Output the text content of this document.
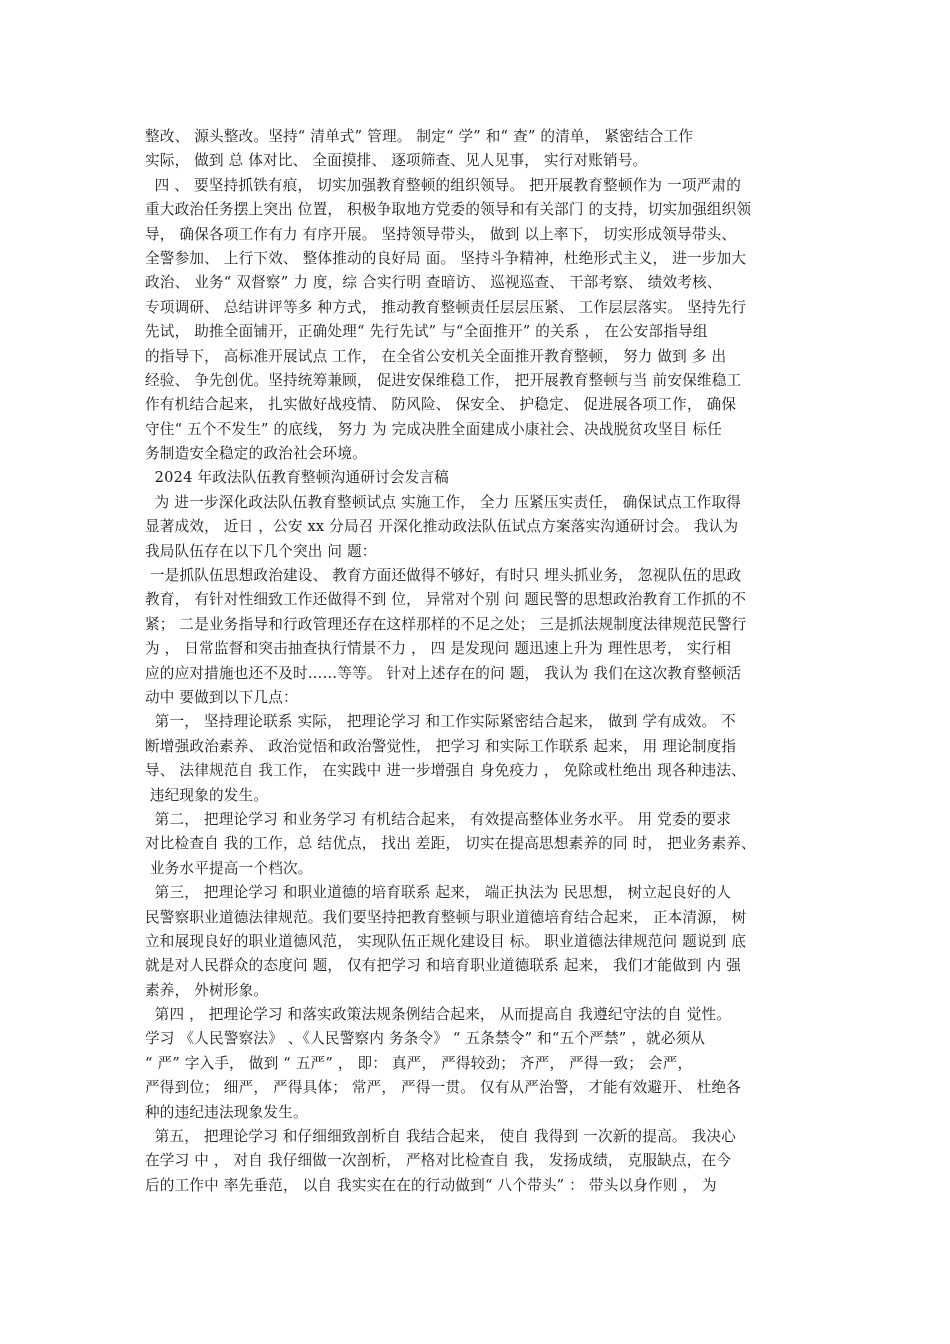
整改、 源头整改。坚持“ 清单式” 管理。 制定“ 学” 和“ 查” 的清单， 紧密结合工作
实际， 做到 总 体对比、 全面摸排、 逐项筛查、见人见事， 实行对账销号。
四 、 要坚持抓铁有痕， 切实加强教育整顿的组织领导。 把开展教育整顿作为 一项严肃的
重大政治任务摆上突出 位置， 积极争取地方党委的领导和有关部门 的支持，切实加强组织领
导， 确保各项工作有力 有序开展。 坚持领导带头， 做到 以上率下， 切实形成领导带头、
全警参加、 上行下效、 整体推动的良好局 面。 坚持斗争精神，杜绝形式主义， 进一步加大
政治、 业务“ 双督察” 力 度，综 合实行明 查暗访、 巡视巡查、 干部考察、 绩效考核、
专项调研、 总结讲评等多 种方式， 推动教育整顿责任层层压紧、 工作层层落实。 坚持先行
先试， 助推全面铺开，正确处理“ 先行先试” 与“全面推开” 的关系 ， 在公安部指导组
的指导下， 高标准开展试点 工作， 在全省公安机关全面推开教育整顿， 努力 做到 多 出
经验、 争先创优。坚持统筹兼顾， 促进安保维稳工作， 把开展教育整顿与当 前安保维稳工
作有机结合起来， 扎实做好战疫情、 防风险、 保安全、 护稳定、 促进展各项工作， 确保
守住“ 五个不发生” 的底线， 努力 为 完成决胜全面建成小康社会、决战脱贫攻坚目 标任
务制造安全稳定的政治社会环境。
2024 年政法队伍教育整顿沟通研讨会发言稿
为 进一步深化政法队伍教育整顿试点 实施工作， 全力 压紧压实责任， 确保试点工作取得
显著成效， 近日 ，公安 xx 分局召 开深化推动政法队伍试点方案落实沟通研讨会。 我认为
我局队伍存在以下几个突出 问 题：
一是抓队伍思想政治建设、 教育方面还做得不够好，有时只 埋头抓业务， 忽视队伍的思政
教育， 有针对性细致工作还做得不到 位， 异常对个别 问 题民警的思想政治教育工作抓的不
紧； 二是业务指导和行政管理还存在这样那样的不足之处； 三是抓法规制度法律规范民警行
为 ， 日常监督和突击抽查执行情景不力 ， 四 是发现问 题迅速上升为 理性思考， 实行相
应的应对措施也还不及时……等等。 针对上述存在的问 题， 我认为 我们在这次教育整顿活
动中 要做到以下几点：
第一， 坚持理论联系 实际， 把理论学习 和工作实际紧密结合起来， 做到 学有成效。 不
断增强政治素养、 政治觉悟和政治警觉性， 把学习 和实际工作联系 起来， 用 理论制度指
导、 法律规范自 我工作， 在实践中 进一步增强自 身免疫力 ， 免除或杜绝出 现各种违法、
违纪现象的发生。
第二， 把理论学习 和业务学习 有机结合起来， 有效提高整体业务水平。 用 党委的要求
对比检查自 我的工作，总 结优点， 找出 差距， 切实在提高思想素养的同 时， 把业务素养、
业务水平提高一个档次。
第三， 把理论学习 和职业道德的培育联系 起来， 端正执法为 民思想， 树立起良好的人
民警察职业道德法律规范。我们要坚持把教育整顿与职业道德培育结合起来， 正本清源， 树
立和展现良好的职业道德风范， 实现队伍正规化建设目 标。 职业道德法律规范问 题说到 底
就是对人民群众的态度问 题， 仅有把学习 和培育职业道德联系 起来， 我们才能做到 内 强
素养， 外树形象。
第四 ， 把理论学习 和落实政策法规条例结合起来， 从而提高自 我遵纪守法的自 觉性。
学习 《人民警察法》 、《人民警察内 务条令》 “ 五条禁令” 和“五个严禁” ，就必须从
“ 严” 字入手， 做到 “ 五严” ， 即： 真严， 严得较劲； 齐严， 严得一致； 会严，
严得到位； 细严， 严得具体； 常严， 严得一贯。 仅有从严治警， 才能有效避开、 杜绝各
种的违纪违法现象发生。
第五， 把理论学习 和仔细细致剖析自 我结合起来， 使自 我得到 一次新的提高。 我决心
在学习 中 ， 对自 我仔细做一次剖析， 严格对比检查自 我， 发扬成绩， 克服缺点，在今
后的工作中 率先垂范， 以自 我实实在在的行动做到“ 八个带头” ： 带头以身作则 ， 为
